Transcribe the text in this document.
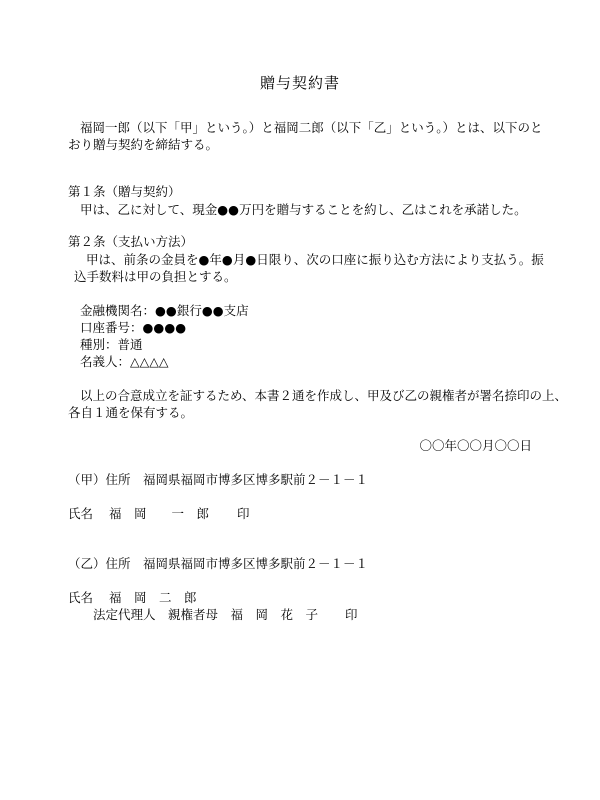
贈与契約書
福岡一郎（以下「甲」という。）と福岡二郎（以下「乙」という。）とは、以下のと
おり贈与契約を締結する。
第１条（贈与契約）
甲は、乙に対して、現金●●万円を贈与することを約し、乙はこれを承諾した。
第２条（支払い方法）
甲は、前条の金員を●年●月●日限り、次の口座に振り込む方法により支払う。振
込手数料は甲の負担とする。
金融機関名：●●銀行●●支店
口座番号：●●●●
種別：普通
名義人：△△△△
以上の合意成立を証するため、本書２通を作成し、甲及び乙の親権者が署名捺印の上、
各自１通を保有する。
〇〇年〇〇月〇〇日
（甲）住所　福岡県福岡市博多区博多駅前２－１－１
氏名 福　岡　　一　郎 印
（乙）住所　福岡県福岡市博多区博多駅前２－１－１
氏名 福　岡　二　郎
法定代理人　親権者母　福　岡　花　子 印
